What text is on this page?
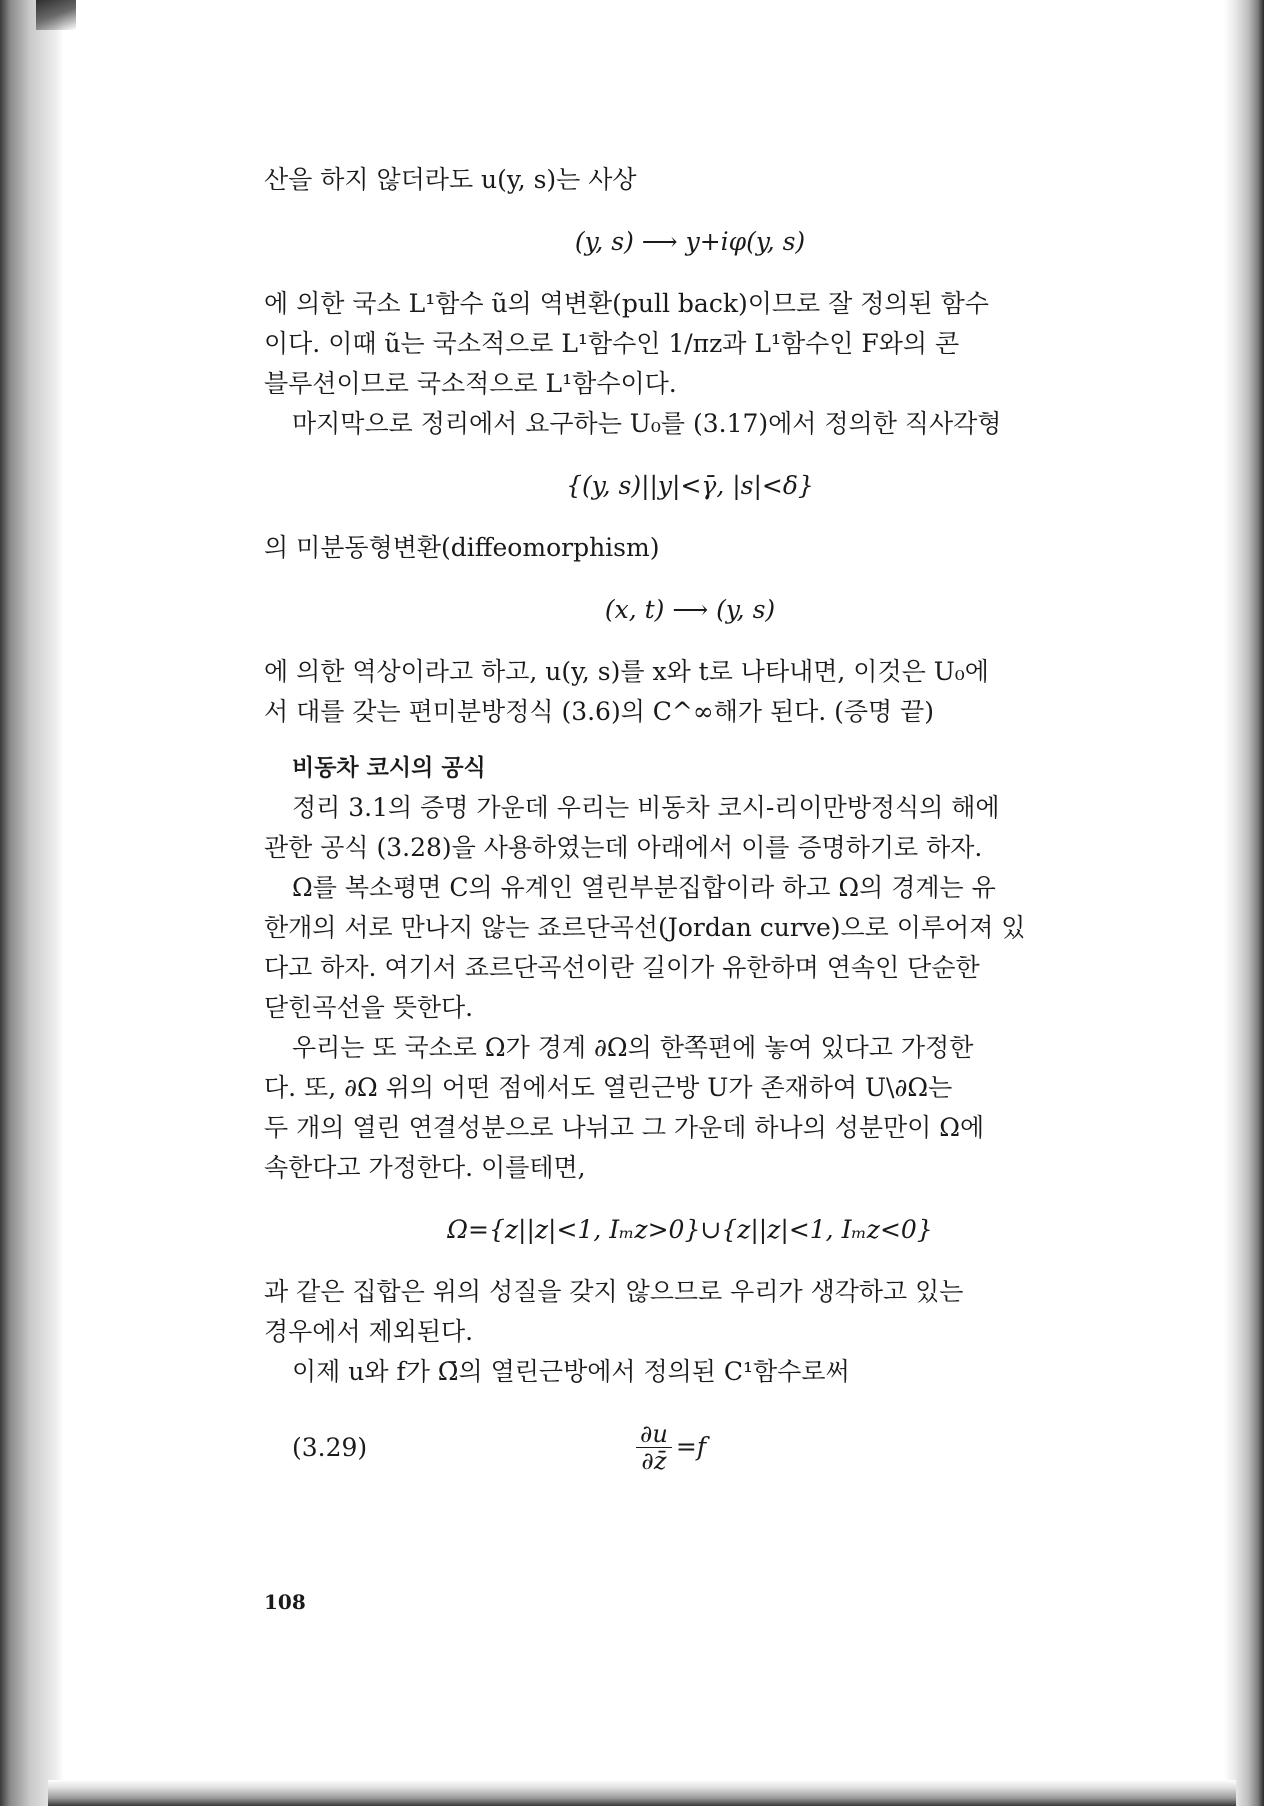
산을 하지 않더라도 u(y, s)는 사상
(y, s) ⟶ y+iφ(y, s)
에 의한 국소 L¹함수 ũ의 역변환(pull back)이므로 잘 정의된 함수
이다. 이때 ũ는 국소적으로 L¹함수인 1/πz과 L¹함수인 F와의 콘
블루션이므로 국소적으로 L¹함수이다.
마지막으로 정리에서 요구하는 U₀를 (3.17)에서 정의한 직사각형
{(y, s)||y|<γ̄, |s|<δ}
의 미분동형변환(diffeomorphism)
(x, t) ⟶ (y, s)
에 의한 역상이라고 하고, u(y, s)를 x와 t로 나타내면, 이것은 U₀에
서 대를 갖는 편미분방정식 (3.6)의 C^∞해가 된다. (증명 끝)
비동차 코시의 공식
정리 3.1의 증명 가운데 우리는 비동차 코시-리이만방정식의 해에
관한 공식 (3.28)을 사용하였는데 아래에서 이를 증명하기로 하자.
Ω를 복소평면 C의 유계인 열린부분집합이라 하고 Ω의 경계는 유
한개의 서로 만나지 않는 죠르단곡선(Jordan curve)으로 이루어져 있
다고 하자. 여기서 죠르단곡선이란 길이가 유한하며 연속인 단순한
닫힌곡선을 뜻한다.
우리는 또 국소로 Ω가 경계 ∂Ω의 한쪽편에 놓여 있다고 가정한
다. 또, ∂Ω 위의 어떤 점에서도 열린근방 U가 존재하여 U\∂Ω는
두 개의 열린 연결성분으로 나뉘고 그 가운데 하나의 성분만이 Ω에
속한다고 가정한다. 이를테면,
Ω={z||z|<1, Iₘz>0}∪{z||z|<1, Iₘz<0}
과 같은 집합은 위의 성질을 갖지 않으므로 우리가 생각하고 있는
경우에서 제외된다.
이제 u와 f가 Ω̄의 열린근방에서 정의된 C¹함수로써
(3.29)	$\frac{\partial u}{\partial z̄} =f$
108
